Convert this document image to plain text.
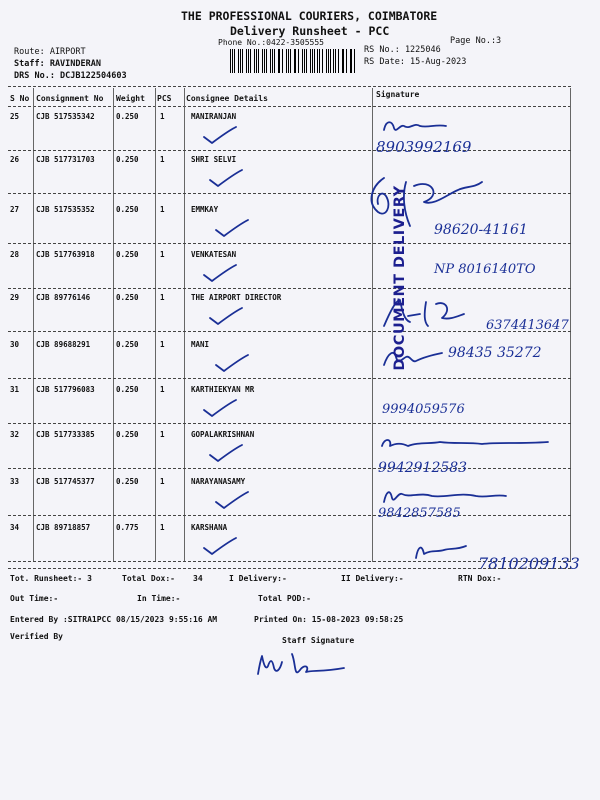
THE PROFESSIONAL COURIERS, COIMBATORE
Delivery Runsheet - PCC
Phone No.:0422-3505555	Page No.:3
Route: AIRPORT
Staff: RAVINDERAN
DRS No.: DCJB122504603
RS No.: 1225046
RS Date: 15-Aug-2023
S No Consignment No Weight PCS Consignee Details	Signature
25 CJB 517535342	0.250	1	MANIRANJAN
8903992169
26 CJB 517731703	0.250	1	SHRI SELVI
27 CJB 517535352	0.250	1	EMMKAY
98620-41161
28 CJB 517763918	0.250	1	VENKATESAN
NP 8016140TO
29 CJB 89776146	0.250	1	THE AIRPORT DIRECTOR
6374413647
30 CJB 89688291	0.250	1	MANI
98435 35272
31 CJB 517796083	0.250	1	KARTHIEKYAN MR
9994059576
32 CJB 517733385	0.250	1	GOPALAKRISHNAN
9942912583
33 CJB 517745377	0.250	1	NARAYANASAMY
9842857585
34 CJB 89718857	0.775	1	KARSHANA
7810209133
DOCUMENT DELIVERY
Tot. Runsheet:- 3	Total Dox:- 34	I Delivery:-	II Delivery:-	RTN Dox:-
Out Time:-	In Time:-	Total POD:-
Entered By :SITRA1PCC 08/15/2023 9:55:16 AM	Printed On: 15-08-2023 09:58:25
Verified By	Staff Signature
